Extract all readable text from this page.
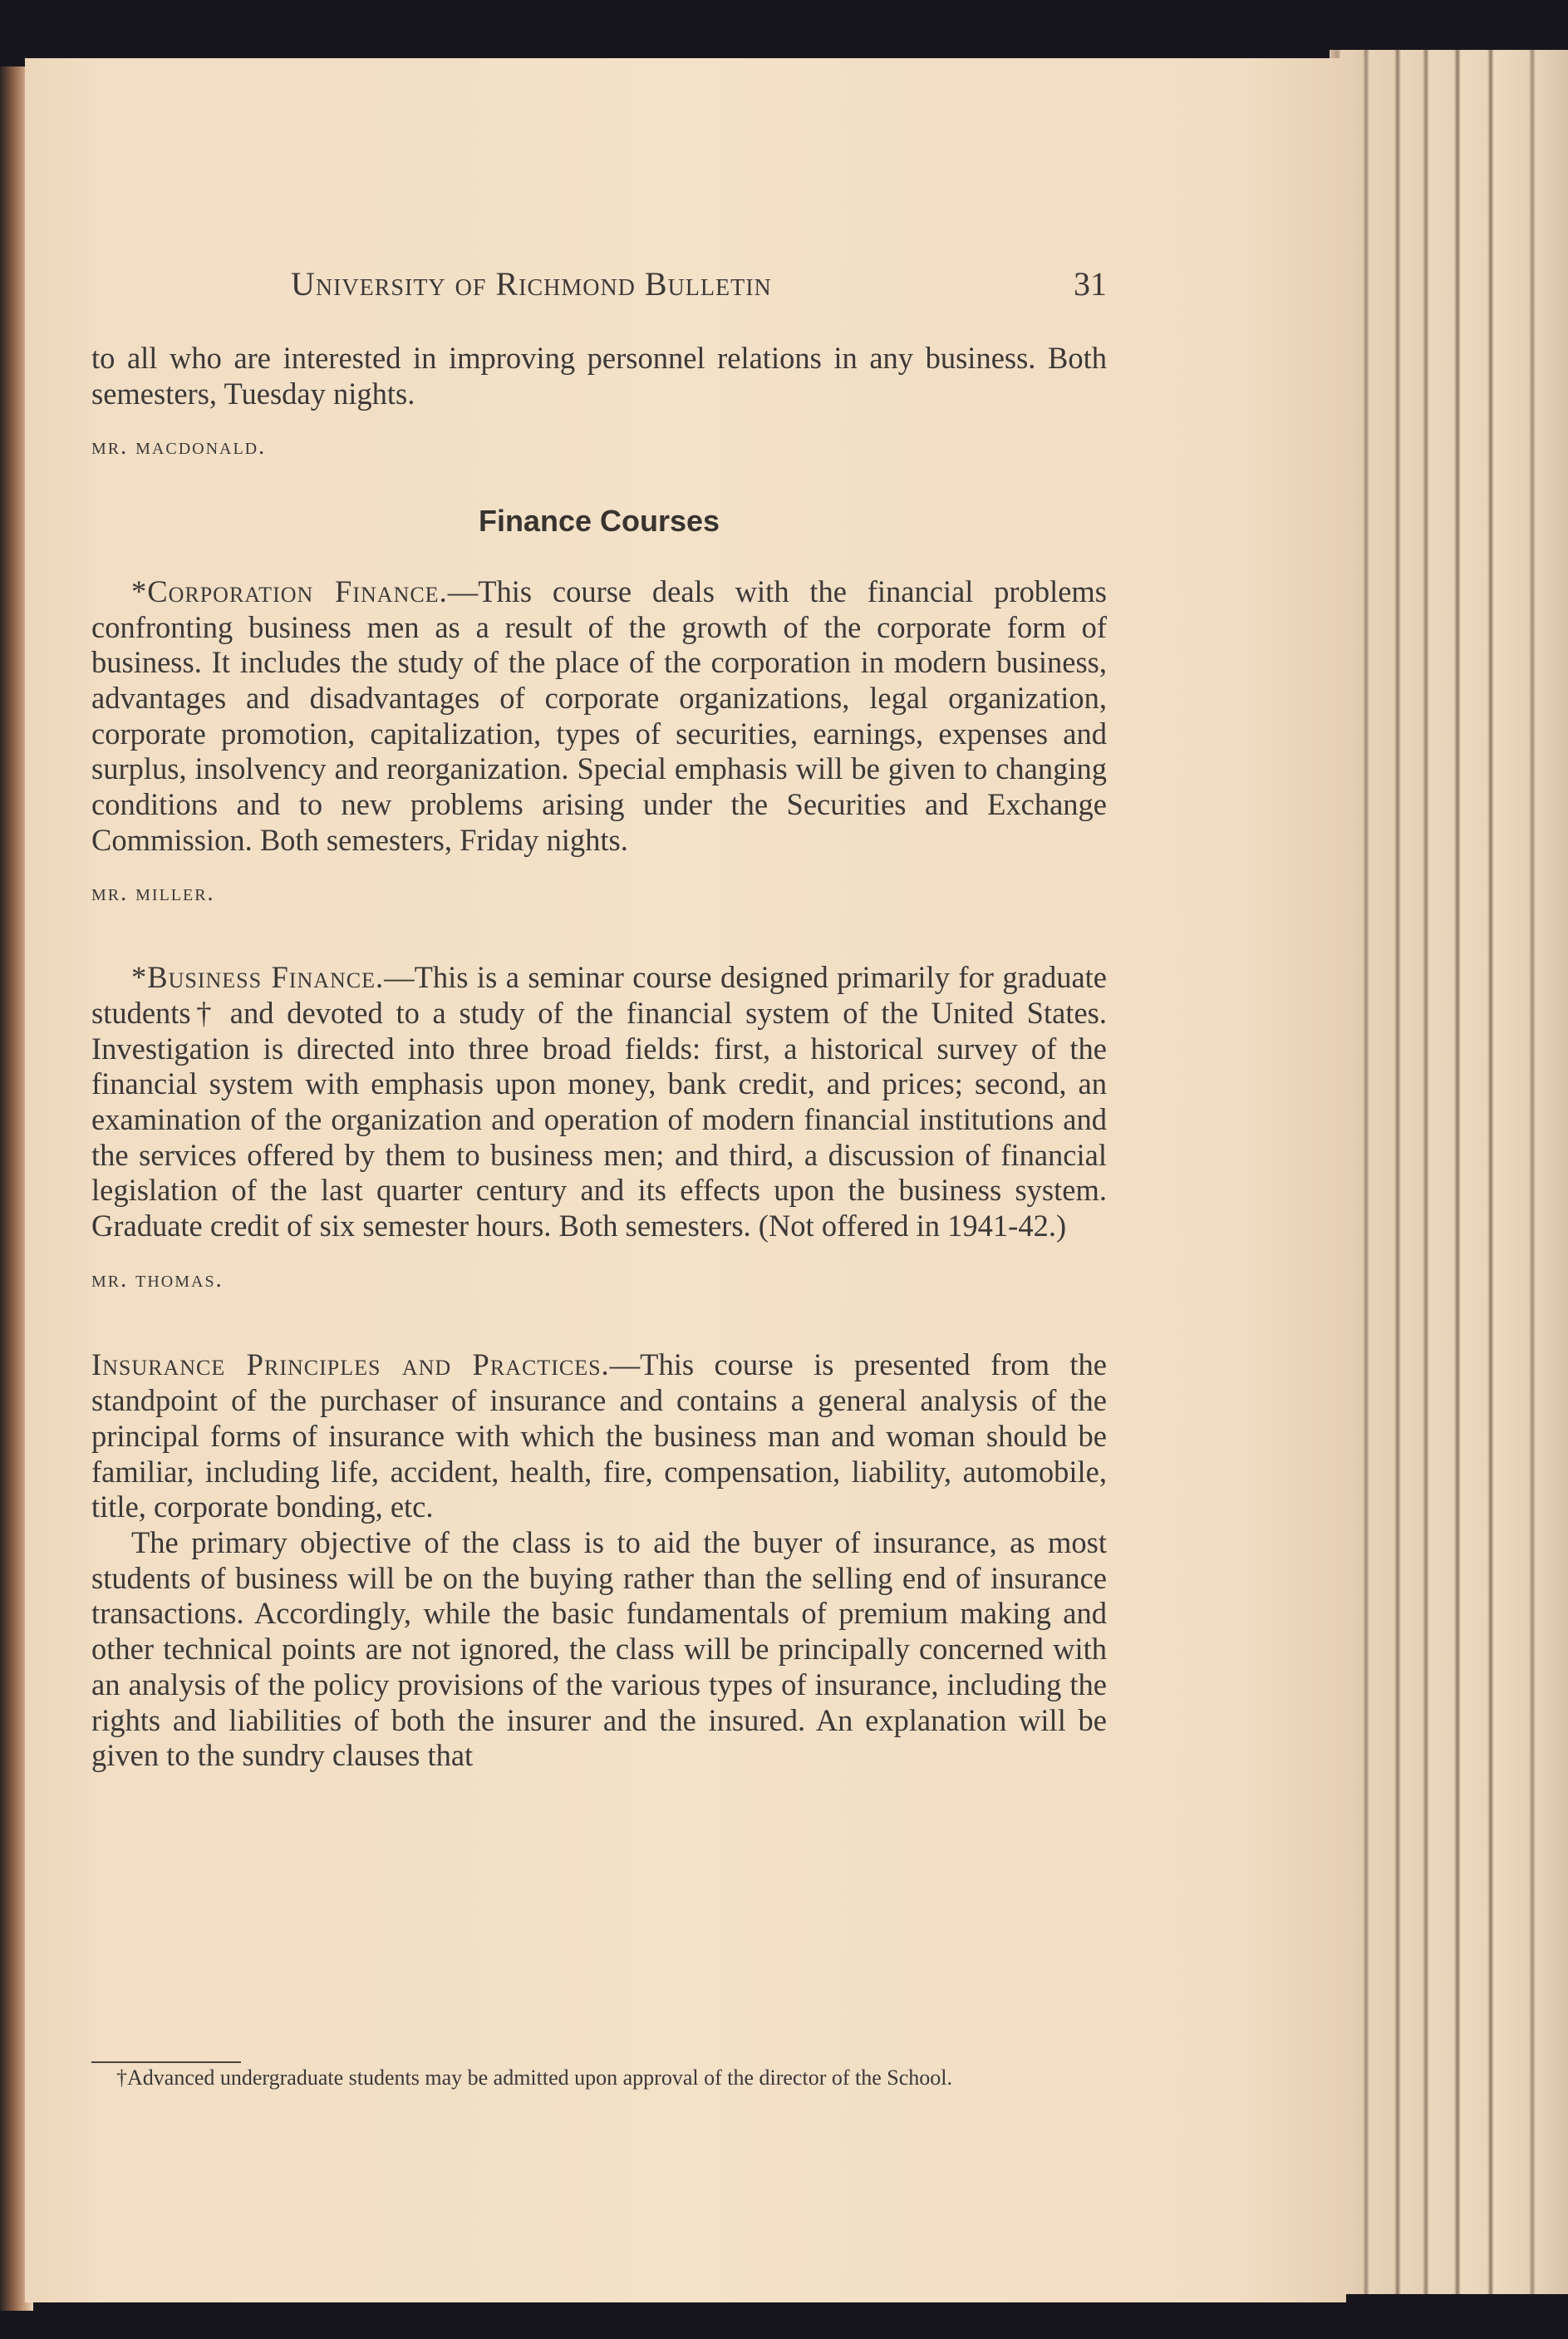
University of Richmond Bulletin	31

to all who are interested in improving personnel relations in any business. Both semesters, Tuesday nights.

mr. macdonald.

Finance Courses

*Corporation Finance.—This course deals with the financial problems confronting business men as a result of the growth of the corporate form of business. It includes the study of the place of the corporation in modern business, advantages and disadvantages of corporate organizations, legal organization, corporate promotion, capitalization, types of securities, earnings, expenses and surplus, insolvency and reorganization. Special emphasis will be given to changing conditions and to new problems arising under the Securities and Exchange Commission. Both semesters, Friday nights.

mr. miller.

*Business Finance.—This is a seminar course designed primarily for graduate students† and devoted to a study of the financial system of the United States. Investigation is directed into three broad fields: first, a historical survey of the financial system with emphasis upon money, bank credit, and prices; second, an examination of the organization and operation of modern financial institutions and the services offered by them to business men; and third, a discussion of financial legislation of the last quarter century and its effects upon the business system. Graduate credit of six semester hours. Both semesters. (Not offered in 1941-42.)

mr. thomas.

Insurance Principles and Practices.—This course is presented from the standpoint of the purchaser of insurance and contains a general analysis of the principal forms of insurance with which the business man and woman should be familiar, including life, accident, health, fire, compensation, liability, automobile, title, corporate bonding, etc.

The primary objective of the class is to aid the buyer of insurance, as most students of business will be on the buying rather than the selling end of insurance transactions. Accordingly, while the basic fundamentals of premium making and other technical points are not ignored, the class will be principally concerned with an analysis of the policy provisions of the various types of insurance, including the rights and liabilities of both the insurer and the insured. An explanation will be given to the sundry clauses that

†Advanced undergraduate students may be admitted upon approval of the director of the School.
